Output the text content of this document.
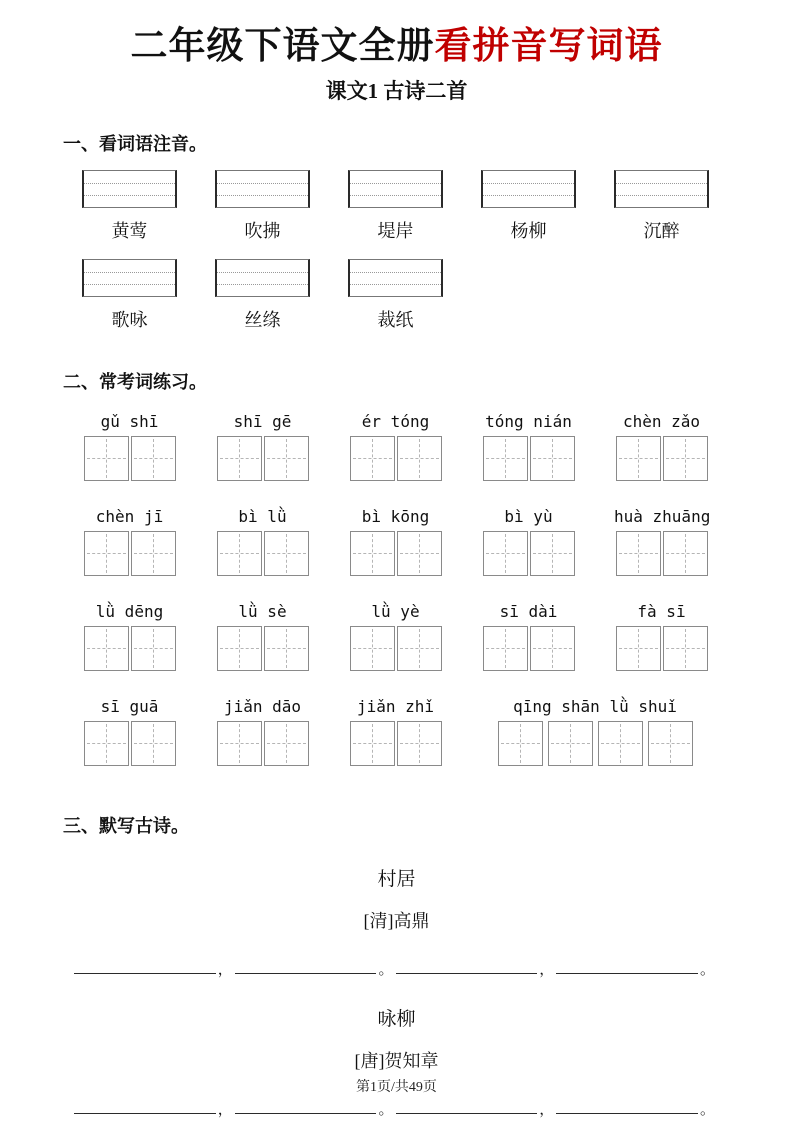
二年级下语文全册看拼音写词语
课文1 古诗二首
一、看词语注音。
黄莺	吹拂	堤岸	杨柳	沉醉
歌咏	丝绦	裁纸
二、常考词练习。
gǔ shī	shī gē	ér tóng	tóng nián	chèn zǎo
chèn jī	bì lǜ	bì kōng	bì yù	huà zhuāng
lǜ dēng	lǜ sè	lǜ yè	sī dài	fà sī
sī guā	jiǎn dāo	jiǎn zhǐ	qīng shān lǜ shuǐ
三、默写古诗。
村居
[清]高鼎
，	。	，	。
咏柳
[唐]贺知章
，	。	，	。
第1页/共49页
